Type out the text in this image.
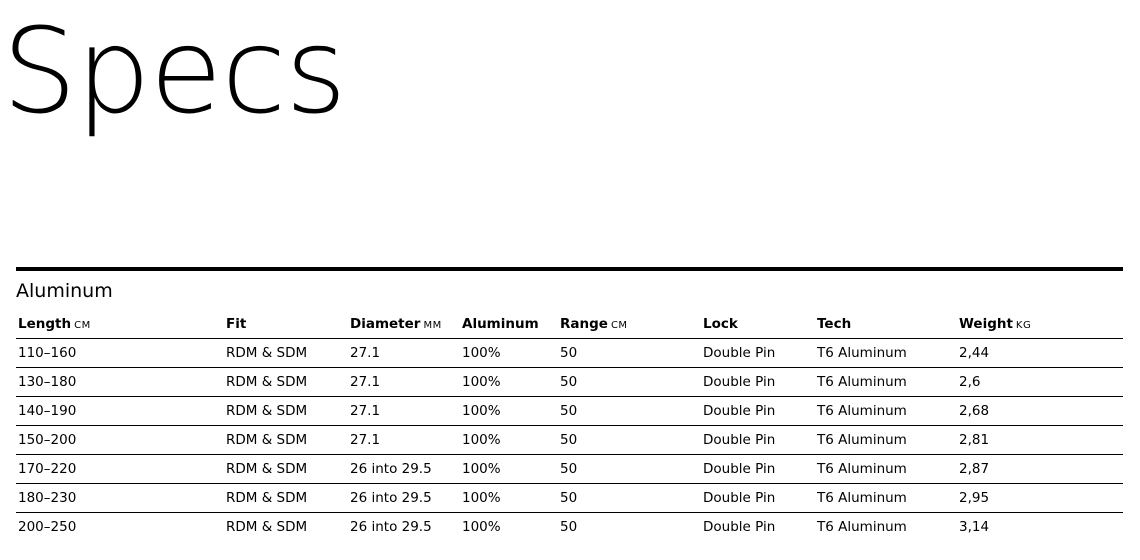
Specs
Aluminum
Length CM	Fit	Diameter MM	Aluminum	Range CM	Lock	Tech	Weight KG
110–160	RDM & SDM	27.1	100%	50	Double Pin	T6 Aluminum	2,44
130–180	RDM & SDM	27.1	100%	50	Double Pin	T6 Aluminum	2,6
140–190	RDM & SDM	27.1	100%	50	Double Pin	T6 Aluminum	2,68
150–200	RDM & SDM	27.1	100%	50	Double Pin	T6 Aluminum	2,81
170–220	RDM & SDM	26 into 29.5	100%	50	Double Pin	T6 Aluminum	2,87
180–230	RDM & SDM	26 into 29.5	100%	50	Double Pin	T6 Aluminum	2,95
200–250	RDM & SDM	26 into 29.5	100%	50	Double Pin	T6 Aluminum	3,14
